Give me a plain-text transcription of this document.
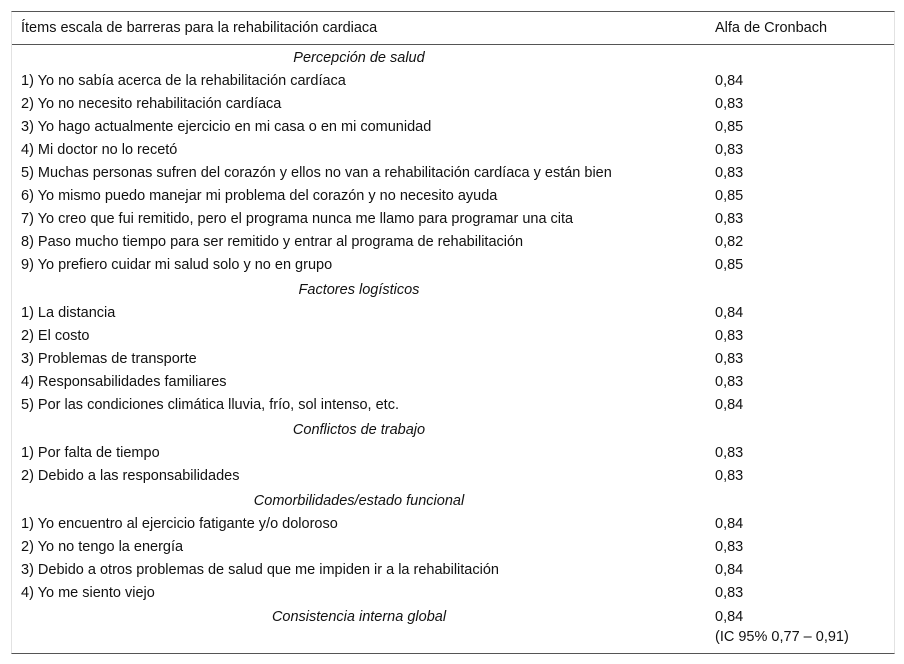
Ítems escala de barreras para la rehabilitación cardiaca	Alfa de Cronbach
Percepción de salud	
1) Yo no sabía acerca de la rehabilitación cardíaca	0,84
2) Yo no necesito rehabilitación cardíaca	0,83
3) Yo hago actualmente ejercicio en mi casa o en mi comunidad	0,85
4) Mi doctor no lo recetó	0,83
5) Muchas personas sufren del corazón y ellos no van a rehabilitación cardíaca y están bien	0,83
6) Yo mismo puedo manejar mi problema del corazón y no necesito ayuda	0,85
7) Yo creo que fui remitido, pero el programa nunca me llamo para programar una cita	0,83
8) Paso mucho tiempo para ser remitido y entrar al programa de rehabilitación	0,82
9) Yo prefiero cuidar mi salud solo y no en grupo	0,85
Factores logísticos	
1) La distancia	0,84
2) El costo	0,83
3) Problemas de transporte	0,83
4) Responsabilidades familiares	0,83
5) Por las condiciones climática lluvia, frío, sol intenso, etc.	0,84
Conflictos de trabajo	
1) Por falta de tiempo	0,83
2) Debido a las responsabilidades	0,83
Comorbilidades/estado funcional	
1) Yo encuentro al ejercicio fatigante y/o doloroso	0,84
2) Yo no tengo la energía	0,83
3) Debido a otros problemas de salud que me impiden ir a la rehabilitación	0,84
4) Yo me siento viejo	0,83
Consistencia interna global	0,84
(IC 95% 0,77 – 0,91)
